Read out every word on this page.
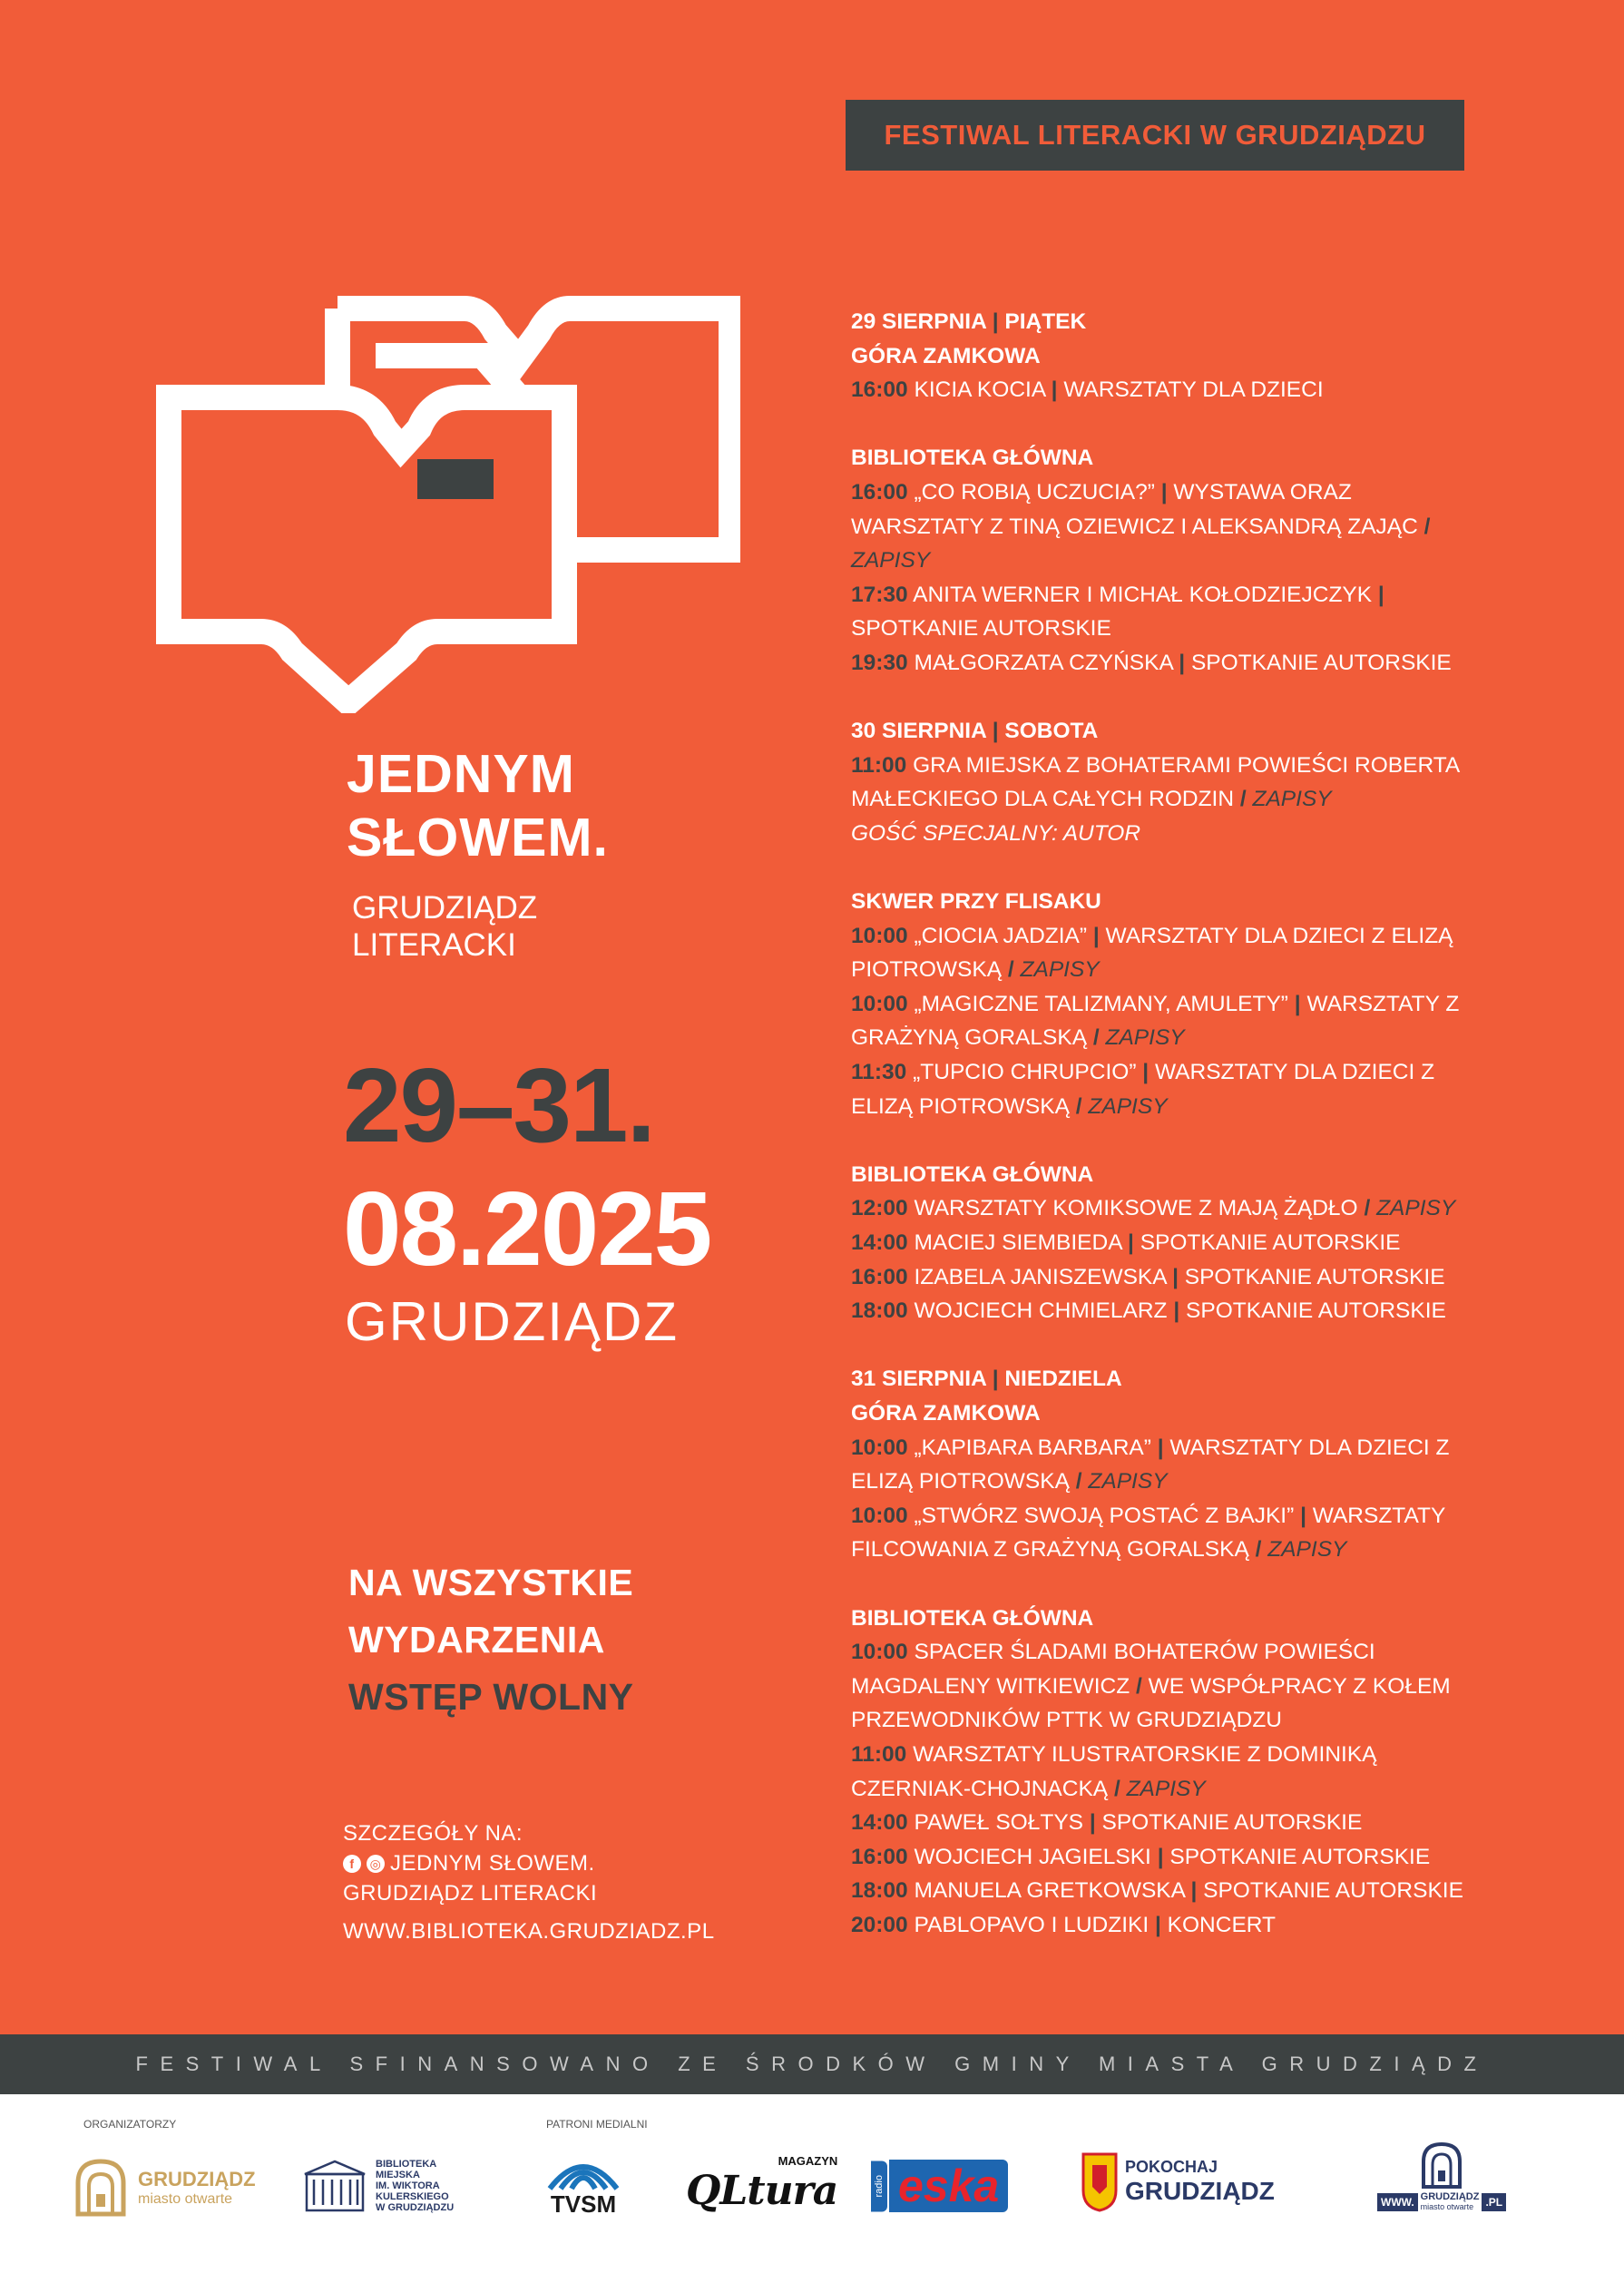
FESTIWAL LITERACKI W GRUDZIĄDZU
JEDNYM
SŁOWEM.
GRUDZIĄDZ
LITERACKI
29–31.
08.2025
GRUDZIĄDZ
NA WSZYSTKIE
WYDARZENIA
WSTĘP WOLNY
SZCZEGÓŁY NA:
f	◎ JEDNYM SŁOWEM.
GRUDZIĄDZ LITERACKI
WWW.BIBLIOTEKA.GRUDZIADZ.PL
29 SIERPNIA | PIĄTEK
GÓRA ZAMKOWA
16:00 KICIA KOCIA | WARSZTATY DLA DZIECI
BIBLIOTEKA GŁÓWNA
16:00 „CO ROBIĄ UCZUCIA?” | WYSTAWA ORAZ WARSZTATY Z TINĄ OZIEWICZ I ALEKSANDRĄ ZAJĄC / ZAPISY
17:30 ANITA WERNER I MICHAŁ KOŁODZIEJCZYK | SPOTKANIE AUTORSKIE
19:30 MAŁGORZATA CZYŃSKA | SPOTKANIE AUTORSKIE
30 SIERPNIA | SOBOTA
11:00 GRA MIEJSKA Z BOHATERAMI POWIEŚCI ROBERTA MAŁECKIEGO DLA CAŁYCH RODZIN / ZAPISY
GOŚĆ SPECJALNY: AUTOR
SKWER PRZY FLISAKU
10:00 „CIOCIA JADZIA” | WARSZTATY DLA DZIECI Z ELIZĄ PIOTROWSKĄ / ZAPISY
10:00 „MAGICZNE TALIZMANY, AMULETY” | WARSZTATY Z GRAŻYNĄ GORALSKĄ / ZAPISY
11:30 „TUPCIO CHRUPCIO” | WARSZTATY DLA DZIECI Z ELIZĄ PIOTROWSKĄ / ZAPISY
BIBLIOTEKA GŁÓWNA
12:00 WARSZTATY KOMIKSOWE Z MAJĄ ŻĄDŁO / ZAPISY
14:00 MACIEJ SIEMBIEDA | SPOTKANIE AUTORSKIE
16:00 IZABELA JANISZEWSKA | SPOTKANIE AUTORSKIE
18:00 WOJCIECH CHMIELARZ | SPOTKANIE AUTORSKIE
31 SIERPNIA | NIEDZIELA
GÓRA ZAMKOWA
10:00 „KAPIBARA BARBARA” | WARSZTATY DLA DZIECI Z ELIZĄ PIOTROWSKĄ / ZAPISY
10:00 „STWÓRZ SWOJĄ POSTAĆ Z BAJKI” | WARSZTATY FILCOWANIA Z GRAŻYNĄ GORALSKĄ / ZAPISY
BIBLIOTEKA GŁÓWNA
10:00 SPACER ŚLADAMI BOHATERÓW POWIEŚCI MAGDALENY WITKIEWICZ / WE WSPÓŁPRACY Z KOŁEM PRZEWODNIKÓW PTTK W GRUDZIĄDZU
11:00 WARSZTATY ILUSTRATORSKIE Z DOMINIKĄ CZERNIAK-CHOJNACKĄ / ZAPISY
14:00 PAWEŁ SOŁTYS | SPOTKANIE AUTORSKIE
16:00 WOJCIECH JAGIELSKI | SPOTKANIE AUTORSKIE
18:00 MANUELA GRETKOWSKA | SPOTKANIE AUTORSKIE
20:00 PABLOPAVO I LUDZIKI | KONCERT
FESTIWAL SFINANSOWANO ZE ŚRODKÓW GMINY MIASTA GRUDZIĄDZ
ORGANIZATORZY	PATRONI MEDIALNI
GRUDZIĄDZ
miasto otwarte
BIBLIOTEKA
MIEJSKA
IM. WIKTORA
KULERSKIEGO
W GRUDZIĄDZU	TVSM
MAGAZYN
QLtura	radio eska	POKOCHAJ
GRUDZIĄDZ	WWW. GRUDZIĄDZ
miasto otwarte	.PL
